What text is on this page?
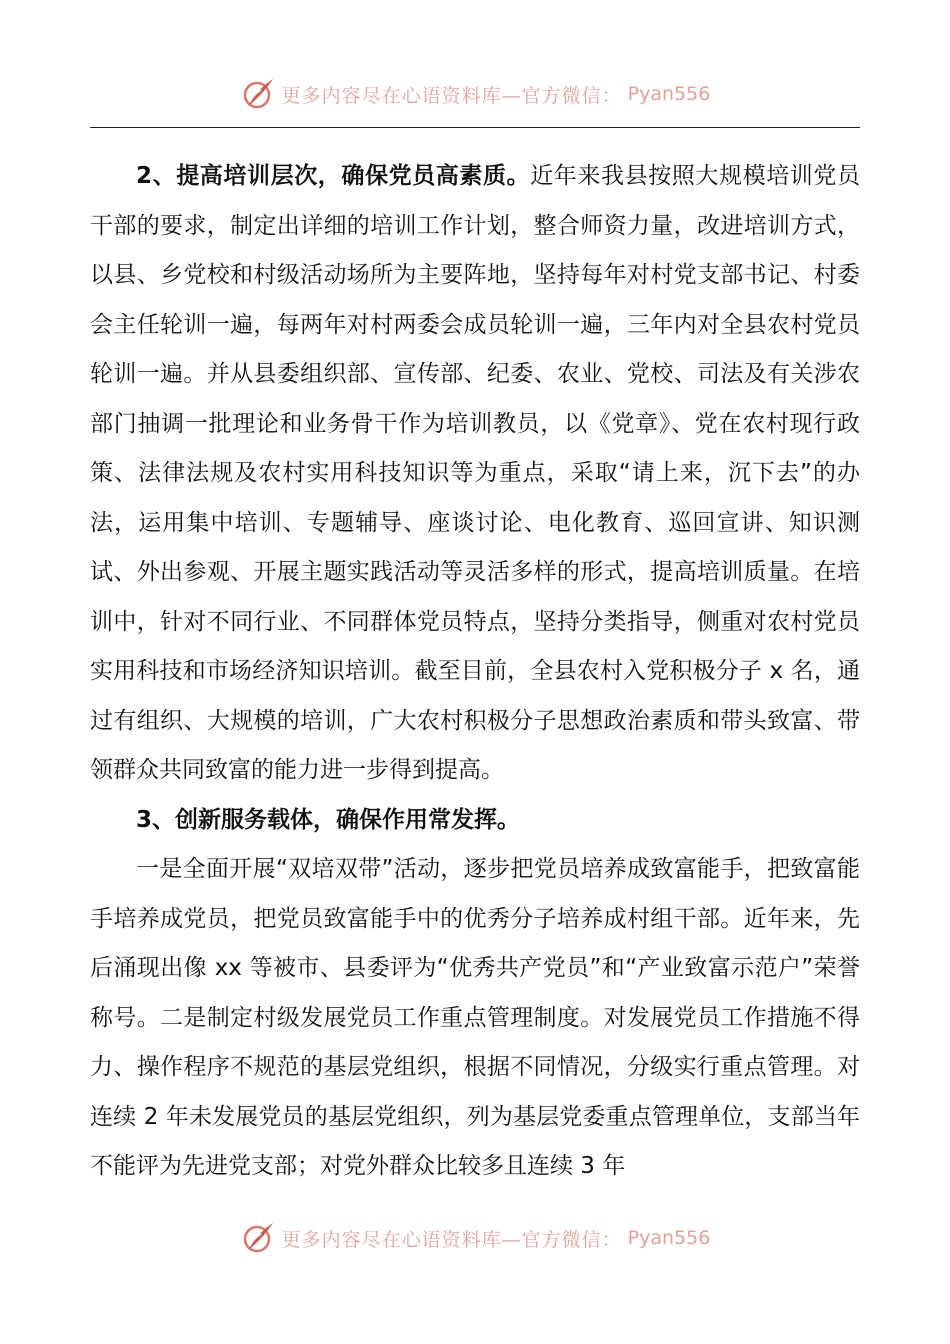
更多内容尽在心语资料库—官方微信： Pyan556

2、提高培训层次，确保党员高素质。近年来我县按照大规模培训党员干部的要求，制定出详细的培训工作计划，整合师资力量，改进培训方式，以县、乡党校和村级活动场所为主要阵地，坚持每年对村党支部书记、村委会主任轮训一遍，每两年对村两委会成员轮训一遍，三年内对全县农村党员轮训一遍。并从县委组织部、宣传部、纪委、农业、党校、司法及有关涉农部门抽调一批理论和业务骨干作为培训教员，以《党章》、党在农村现行政策、法律法规及农村实用科技知识等为重点，采取“请上来，沉下去”的办法，运用集中培训、专题辅导、座谈讨论、电化教育、巡回宣讲、知识测试、外出参观、开展主题实践活动等灵活多样的形式，提高培训质量。在培训中，针对不同行业、不同群体党员特点，坚持分类指导，侧重对农村党员实用科技和市场经济知识培训。截至目前，全县农村入党积极分子 x 名，通过有组织、大规模的培训，广大农村积极分子思想政治素质和带头致富、带领群众共同致富的能力进一步得到提高。

3、创新服务载体，确保作用常发挥。

一是全面开展“双培双带”活动，逐步把党员培养成致富能手，把致富能手培养成党员，把党员致富能手中的优秀分子培养成村组干部。近年来，先后涌现出像 xx 等被市、县委评为“优秀共产党员”和“产业致富示范户”荣誉称号。二是制定村级发展党员工作重点管理制度。对发展党员工作措施不得力、操作程序不规范的基层党组织，根据不同情况，分级实行重点管理。对连续 2 年未发展党员的基层党组织，列为基层党委重点管理单位，支部当年不能评为先进党支部；对党外群众比较多且连续 3 年

更多内容尽在心语资料库—官方微信： Pyan556
